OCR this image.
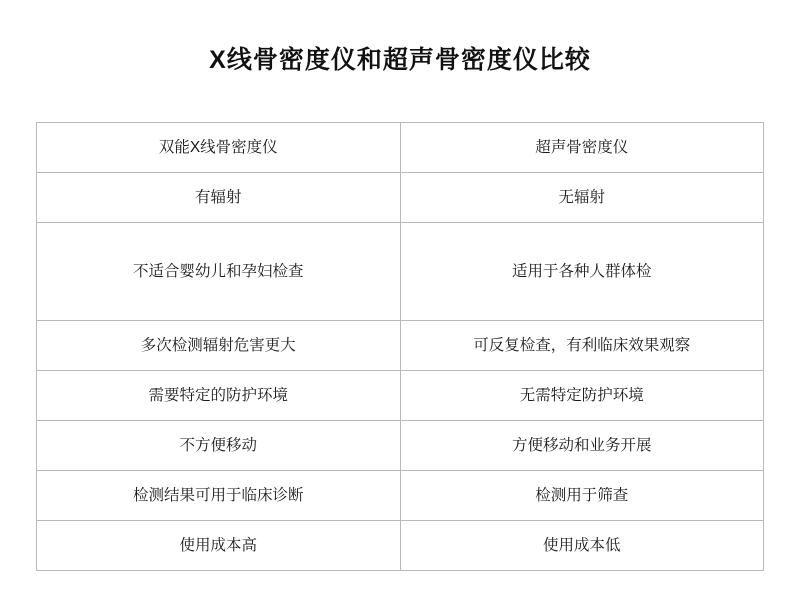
X线骨密度仪和超声骨密度仪比较
双能X线骨密度仪	超声骨密度仪
有辐射	无辐射
不适合婴幼儿和孕妇检查	适用于各种人群体检
多次检测辐射危害更大	可反复检查，有利临床效果观察
需要特定的防护环境	无需特定防护环境
不方便移动	方便移动和业务开展
检测结果可用于临床诊断	检测用于筛查
使用成本高	使用成本低
